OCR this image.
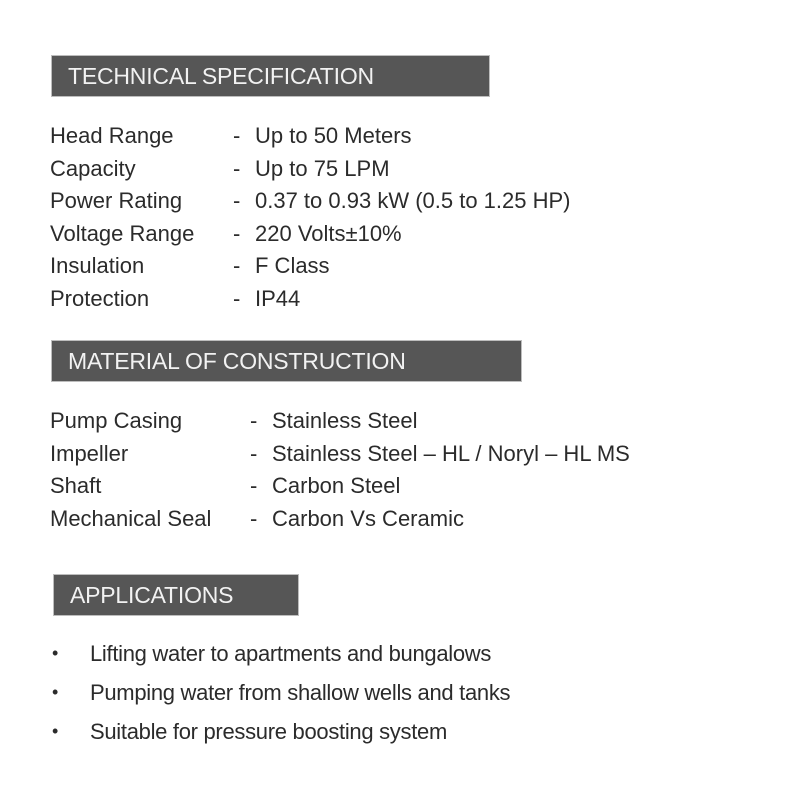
TECHNICAL SPECIFICATION
Head Range	- Up to 50 Meters
Capacity	- Up to 75 LPM
Power Rating	- 0.37 to 0.93 kW (0.5 to 1.25 HP)
Voltage Range	- 220 Volts±10%
Insulation	- F Class
Protection	- IP44
MATERIAL OF CONSTRUCTION
Pump Casing	- Stainless Steel
Impeller	- Stainless Steel – HL / Noryl – HL MS
Shaft	- Carbon Steel
Mechanical Seal	- Carbon Vs Ceramic
APPLICATIONS
•	Lifting water to apartments and bungalows
•	Pumping water from shallow wells and tanks
•	Suitable for pressure boosting system
